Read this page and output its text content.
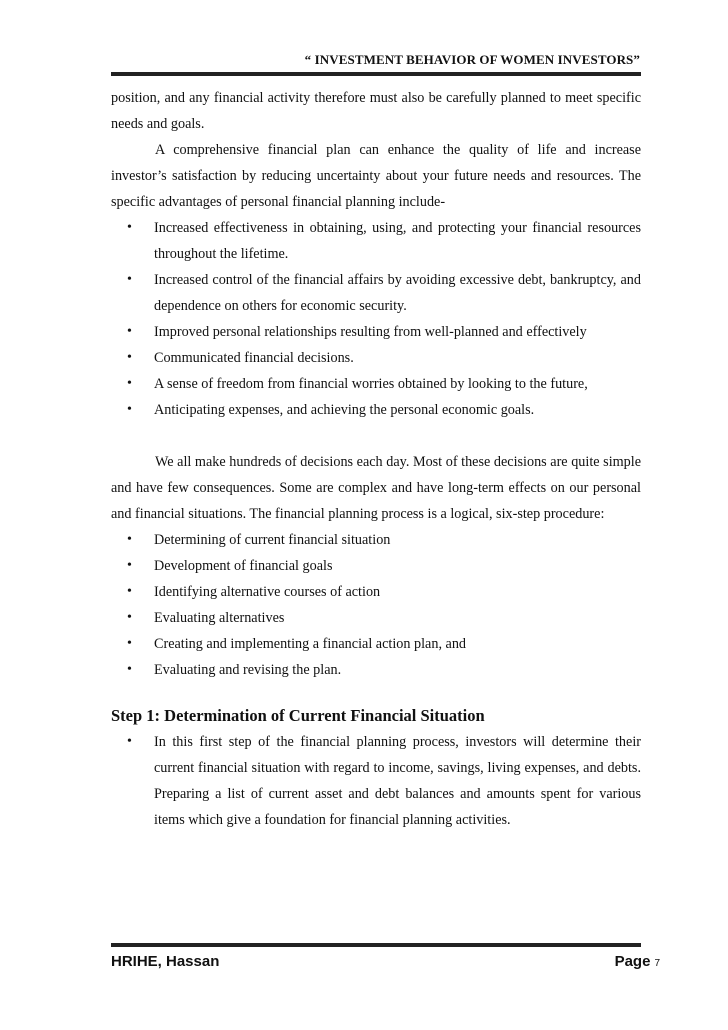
“ INVESTMENT BEHAVIOR OF WOMEN INVESTORS”

position, and any financial activity therefore must also be carefully planned to meet specific needs and goals.

A comprehensive financial plan can enhance the quality of life and increase investor’s satisfaction by reducing uncertainty about your future needs and resources. The specific advantages of personal financial planning include-

• Increased effectiveness in obtaining, using, and protecting your financial resources throughout the lifetime.
• Increased control of the financial affairs by avoiding excessive debt, bankruptcy, and dependence on others for economic security.
• Improved personal relationships resulting from well-planned and effectively
• Communicated financial decisions.
• A sense of freedom from financial worries obtained by looking to the future,
• Anticipating expenses, and achieving the personal economic goals.

We all make hundreds of decisions each day. Most of these decisions are quite simple and have few consequences. Some are complex and have long-term effects on our personal and financial situations. The financial planning process is a logical, six-step procedure:

• Determining of current financial situation
• Development of financial goals
• Identifying alternative courses of action
• Evaluating alternatives
• Creating and implementing a financial action plan, and
• Evaluating and revising the plan.
Step 1: Determination of Current Financial Situation
• In this first step of the financial planning process, investors will determine their current financial situation with regard to income, savings, living expenses, and debts. Preparing a list of current asset and debt balances and amounts spent for various items which give a foundation for financial planning activities.
HRIHE, Hassan	Page 7
